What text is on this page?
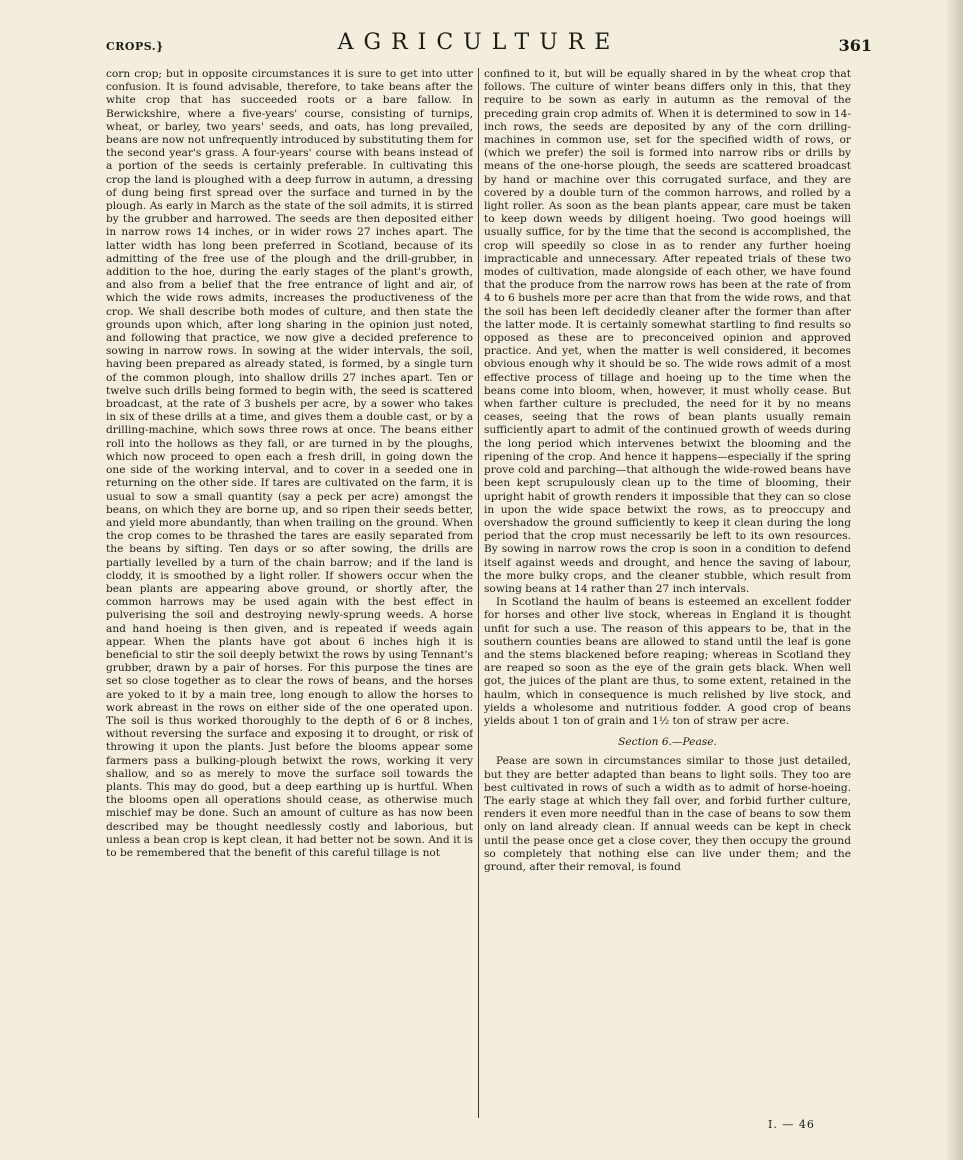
CROPS.}	AGRICULTURE	361

corn crop; but in opposite circumstances it is sure to get into utter confusion. It is found advisable, therefore, to take beans after the white crop that has succeeded roots or a bare fallow. In Berwickshire, where a five-years' course, consisting of turnips, wheat, or barley, two years' seeds, and oats, has long prevailed, beans are now not unfrequently introduced by substituting them for the second year's grass. A four-years' course with beans instead of a portion of the seeds is certainly preferable. In cultivating this crop the land is ploughed with a deep furrow in autumn, a dressing of dung being first spread over the surface and turned in by the plough. As early in March as the state of the soil admits, it is stirred by the grubber and harrowed. The seeds are then deposited either in narrow rows 14 inches, or in wider rows 27 inches apart. The latter width has long been preferred in Scotland, because of its admitting of the free use of the plough and the drill-grubber, in addition to the hoe, during the early stages of the plant's growth, and also from a belief that the free entrance of light and air, of which the wide rows admits, increases the productiveness of the crop. We shall describe both modes of culture, and then state the grounds upon which, after long sharing in the opinion just noted, and following that practice, we now give a decided preference to sowing in narrow rows. In sowing at the wider intervals, the soil, having been prepared as already stated, is formed, by a single turn of the common plough, into shallow drills 27 inches apart. Ten or twelve such drills being formed to begin with, the seed is scattered broadcast, at the rate of 3 bushels per acre, by a sower who takes in six of these drills at a time, and gives them a double cast, or by a drilling-machine, which sows three rows at once. The beans either roll into the hollows as they fall, or are turned in by the ploughs, which now proceed to open each a fresh drill, in going down the one side of the working interval, and to cover in a seeded one in returning on the other side. If tares are cultivated on the farm, it is usual to sow a small quantity (say a peck per acre) amongst the beans, on which they are borne up, and so ripen their seeds better, and yield more abundantly, than when trailing on the ground. When the crop comes to be thrashed the tares are easily separated from the beans by sifting. Ten days or so after sowing, the drills are partially levelled by a turn of the chain barrow; and if the land is cloddy, it is smoothed by a light roller. If showers occur when the bean plants are appearing above ground, or shortly after, the common harrows may be used again with the best effect in pulverising the soil and destroying newly-sprung weeds. A horse and hand hoeing is then given, and is repeated if weeds again appear. When the plants have got about 6 inches high it is beneficial to stir the soil deeply betwixt the rows by using Tennant's grubber, drawn by a pair of horses. For this purpose the tines are set so close together as to clear the rows of beans, and the horses are yoked to it by a main tree, long enough to allow the horses to work abreast in the rows on either side of the one operated upon. The soil is thus worked thoroughly to the depth of 6 or 8 inches, without reversing the surface and exposing it to drought, or risk of throwing it upon the plants. Just before the blooms appear some farmers pass a bulking-plough betwixt the rows, working it very shallow, and so as merely to move the surface soil towards the plants. This may do good, but a deep earthing up is hurtful. When the blooms open all operations should cease, as otherwise much mischief may be done. Such an amount of culture as has now been described may be thought needlessly costly and laborious, but unless a bean crop is kept clean, it had better not be sown. And it is to be remembered that the benefit of this careful tillage is not

confined to it, but will be equally shared in by the wheat crop that follows. The culture of winter beans differs only in this, that they require to be sown as early in autumn as the removal of the preceding grain crop admits of. When it is determined to sow in 14-inch rows, the seeds are deposited by any of the corn drilling-machines in common use, set for the specified width of rows, or (which we prefer) the soil is formed into narrow ribs or drills by means of the one-horse plough, the seeds are scattered broadcast by hand or machine over this corrugated surface, and they are covered by a double turn of the common harrows, and rolled by a light roller. As soon as the bean plants appear, care must be taken to keep down weeds by diligent hoeing. Two good hoeings will usually suffice, for by the time that the second is accomplished, the crop will speedily so close in as to render any further hoeing impracticable and unnecessary. After repeated trials of these two modes of cultivation, made alongside of each other, we have found that the produce from the narrow rows has been at the rate of from 4 to 6 bushels more per acre than that from the wide rows, and that the soil has been left decidedly cleaner after the former than after the latter mode. It is certainly somewhat startling to find results so opposed as these are to preconceived opinion and approved practice. And yet, when the matter is well considered, it becomes obvious enough why it should be so. The wide rows admit of a most effective process of tillage and hoeing up to the time when the beans come into bloom, when, however, it must wholly cease. But when farther culture is precluded, the need for it by no means ceases, seeing that the rows of bean plants usually remain sufficiently apart to admit of the continued growth of weeds during the long period which intervenes betwixt the blooming and the ripening of the crop. And hence it happens—especially if the spring prove cold and parching—that although the wide-rowed beans have been kept scrupulously clean up to the time of blooming, their upright habit of growth renders it impossible that they can so close in upon the wide space betwixt the rows, as to preoccupy and overshadow the ground sufficiently to keep it clean during the long period that the crop must necessarily be left to its own resources. By sowing in narrow rows the crop is soon in a condition to defend itself against weeds and drought, and hence the saving of labour, the more bulky crops, and the cleaner stubble, which result from sowing beans at 14 rather than 27 inch intervals.

In Scotland the haulm of beans is esteemed an excellent fodder for horses and other live stock, whereas in England it is thought unfit for such a use. The reason of this appears to be, that in the southern counties beans are allowed to stand until the leaf is gone and the stems blackened before reaping; whereas in Scotland they are reaped so soon as the eye of the grain gets black. When well got, the juices of the plant are thus, to some extent, retained in the haulm, which in consequence is much relished by live stock, and yields a wholesome and nutritious fodder. A good crop of beans yields about 1 ton of grain and 1½ ton of straw per acre.

Section 6.—Pease.

Pease are sown in circumstances similar to those just detailed, but they are better adapted than beans to light soils. They too are best cultivated in rows of such a width as to admit of horse-hoeing. The early stage at which they fall over, and forbid further culture, renders it even more needful than in the case of beans to sow them only on land already clean. If annual weeds can be kept in check until the pease once get a close cover, they then occupy the ground so completely that nothing else can live under them; and the ground, after their removal, is found

I. — 46
